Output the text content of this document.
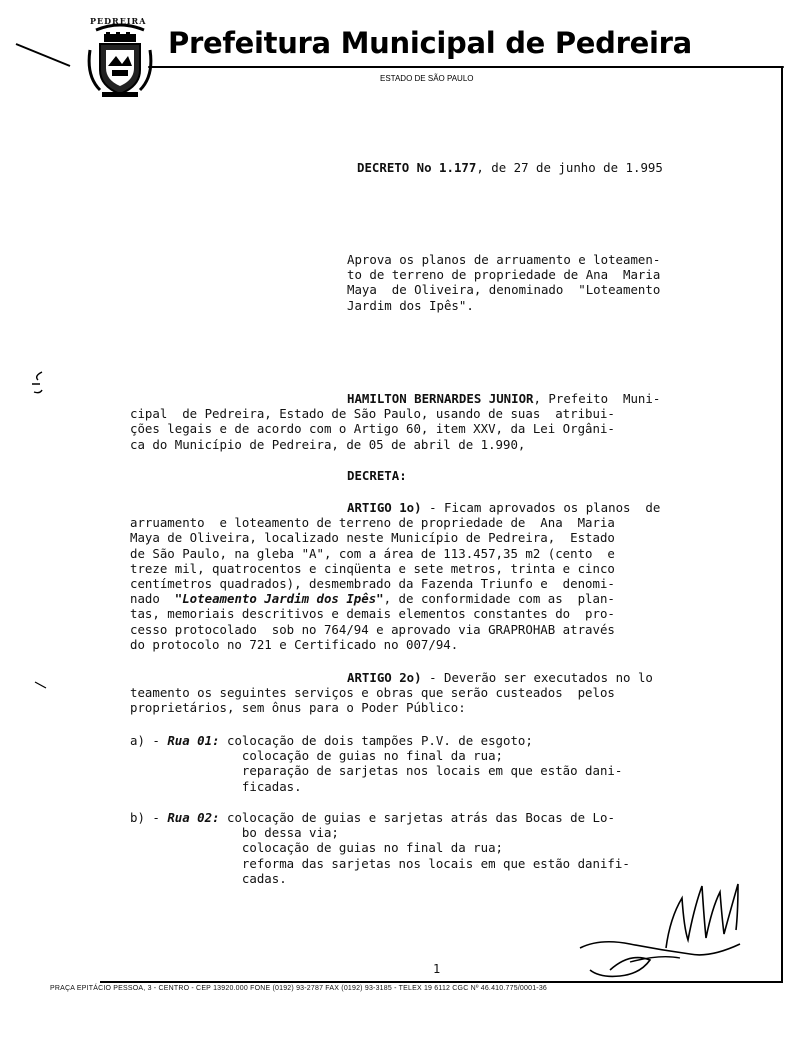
PEDREIRA
Prefeitura Municipal de Pedreira
ESTADO DE SÃO PAULO
DECRETO No 1.177, de 27 de junho de 1.995
Aprova os planos de arruamento e loteamen-
to de terreno de propriedade de Ana  Maria
Maya  de Oliveira, denominado  "Loteamento
Jardim dos Ipês".
HAMILTON BERNARDES JUNIOR, Prefeito  Muni-
cipal  de Pedreira, Estado de São Paulo, usando de suas  atribui-
ções legais e de acordo com o Artigo 60, item XXV, da Lei Orgâni-
ca do Município de Pedreira, de 05 de abril de 1.990,
DECRETA:
ARTIGO 1o) - Ficam aprovados os planos  de
arruamento  e loteamento de terreno de propriedade de  Ana  Maria
Maya de Oliveira, localizado neste Município de Pedreira,  Estado
de São Paulo, na gleba "A", com a área de 113.457,35 m2 (cento  e
treze mil, quatrocentos e cinqüenta e sete metros, trinta e cinco
centímetros quadrados), desmembrado da Fazenda Triunfo e  denomi-
nado  "Loteamento Jardim dos Ipês", de conformidade com as  plan-
tas, memoriais descritivos e demais elementos constantes do  pro-
cesso protocolado  sob no 764/94 e aprovado via GRAPROHAB através
do protocolo no 721 e Certificado no 007/94.
ARTIGO 2o) - Deverão ser executados no lo
teamento os seguintes serviços e obras que serão custeados  pelos
proprietários, sem ônus para o Poder Público:
a) - Rua 01: colocação de dois tampões P.V. de esgoto;
colocação de guias no final da rua;
reparação de sarjetas nos locais em que estão dani-
ficadas.
b) - Rua 02: colocação de guias e sarjetas atrás das Bocas de Lo-
bo dessa via;
colocação de guias no final da rua;
reforma das sarjetas nos locais em que estão danifi-
cadas.
1
PRAÇA EPITÁCIO PESSOA, 3 - CENTRO - CEP 13920.000 FONE (0192) 93-2787 FAX (0192) 93-3185 - TELEX 19 6112 CGC Nº 46.410.775/0001-36
